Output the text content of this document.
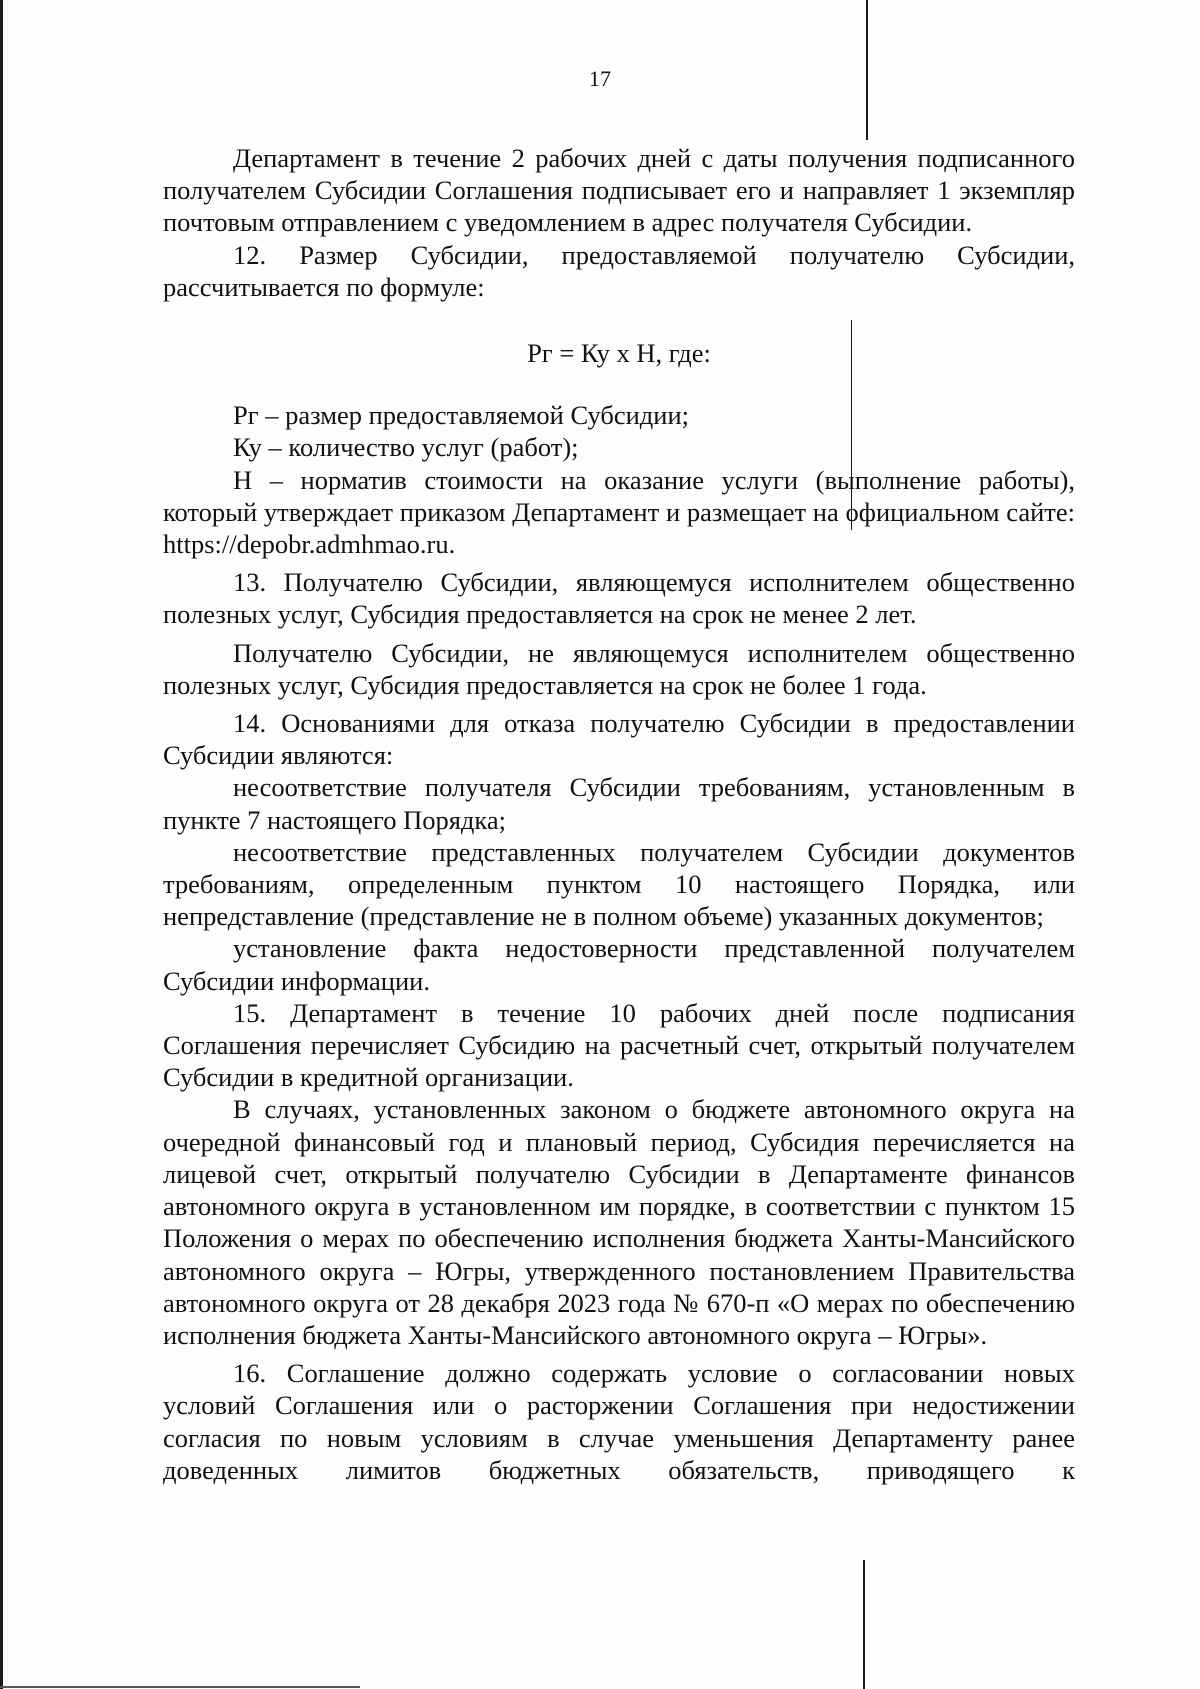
17

Департамент в течение 2 рабочих дней с даты получения подписанного получателем Субсидии Соглашения подписывает его и направляет 1 экземпляр почтовым отправлением с уведомлением в адрес получателя Субсидии.

12. Размер Субсидии, предоставляемой получателю Субсидии, рассчитывается по формуле:

Рг = Ку х Н, где:

Рг – размер предоставляемой Субсидии;

Ку – количество услуг (работ);

Н – норматив стоимости на оказание услуги (выполнение работы), который утверждает приказом Департамент и размещает на официальном сайте: https://depobr.admhmao.ru.

13. Получателю Субсидии, являющемуся исполнителем общественно полезных услуг, Субсидия предоставляется на срок не менее 2 лет.

Получателю Субсидии, не являющемуся исполнителем общественно полезных услуг, Субсидия предоставляется на срок не более 1 года.

14. Основаниями для отказа получателю Субсидии в предоставлении Субсидии являются:

несоответствие получателя Субсидии требованиям, установленным в пункте 7 настоящего Порядка;

несоответствие представленных получателем Субсидии документов требованиям, определенным пунктом 10 настоящего Порядка, или непредставление (представление не в полном объеме) указанных документов;

установление факта недостоверности представленной получателем Субсидии информации.

15. Департамент в течение 10 рабочих дней после подписания Соглашения перечисляет Субсидию на расчетный счет, открытый получателем Субсидии в кредитной организации.

В случаях, установленных законом о бюджете автономного округа на очередной финансовый год и плановый период, Субсидия перечисляется на лицевой счет, открытый получателю Субсидии в Департаменте финансов автономного округа в установленном им порядке, в соответствии с пунктом 15 Положения о мерах по обеспечению исполнения бюджета Ханты-Мансийского автономного округа – Югры, утвержденного постановлением Правительства автономного округа от 28 декабря 2023 года № 670-п «О мерах по обеспечению исполнения бюджета Ханты-Мансийского автономного округа – Югры».

16. Соглашение должно содержать условие о согласовании новых условий Соглашения или о расторжении Соглашения при недостижении согласия по новым условиям в случае уменьшения Департаменту ранее доведенных лимитов бюджетных обязательств, приводящего к
